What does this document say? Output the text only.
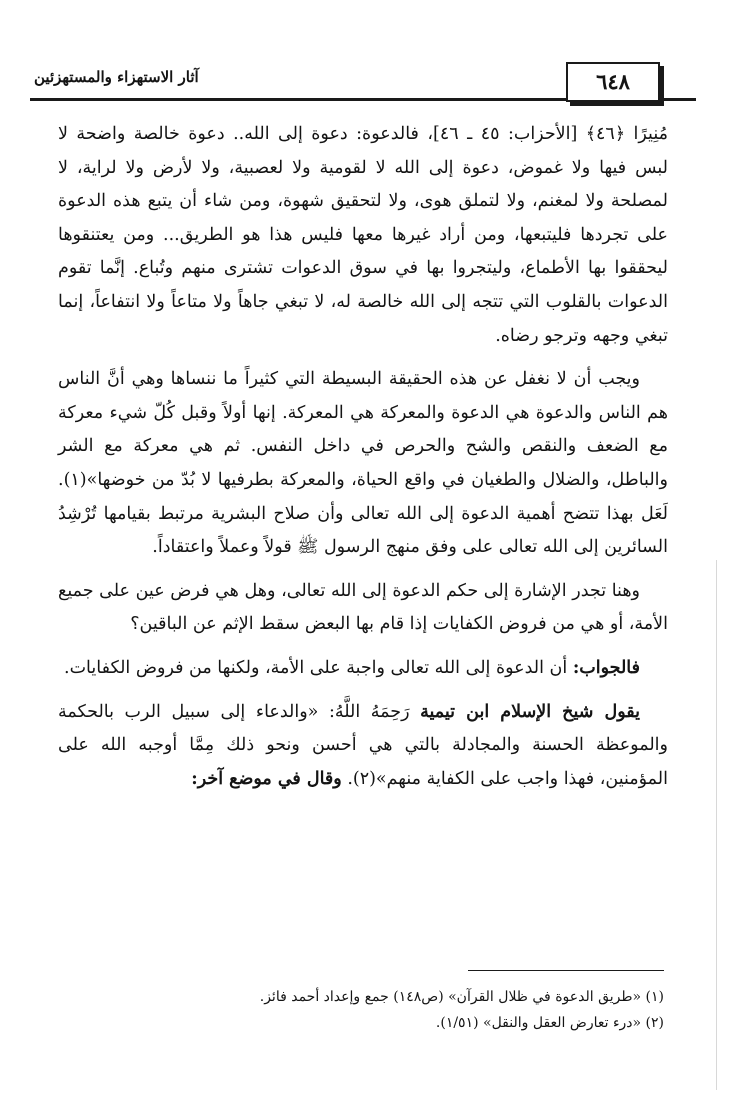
آثار الاستهزاء والمستهزئين	٦٤٨

مُنِيرًا ﴿٤٦﴾ [الأحزاب: ٤٥ ـ ٤٦]، فالدعوة: دعوة إلى الله.. دعوة خالصة واضحة لا لبس فيها ولا غموض، دعوة إلى الله لا لقومية ولا لعصبية، ولا لأرض ولا لراية، لا لمصلحة ولا لمغنم، ولا لتملق هوى، ولا لتحقيق شهوة، ومن شاء أن يتبع هذه الدعوة على تجردها فليتبعها، ومن أراد غيرها معها فليس هذا هو الطريق... ومن يعتنقوها ليحققوا بها الأطماع، وليتجروا بها في سوق الدعوات تشترى منهم وتُباع. إنَّما تقوم الدعوات بالقلوب التي تتجه إلى الله خالصة له، لا تبغي جاهاً ولا متاعاً ولا انتفاعاً، إنما تبغي وجهه وترجو رضاه.

ويجب أن لا نغفل عن هذه الحقيقة البسيطة التي كثيراً ما ننساها وهي أنَّ الناس هم الناس والدعوة هي الدعوة والمعركة هي المعركة. إنها أولاً وقبل كُلّ شيء معركة مع الضعف والنقص والشح والحرص في داخل النفس. ثم هي معركة مع الشر والباطل، والضلال والطغيان في واقع الحياة، والمعركة بطرفيها لا بُدّ من خوضها»(١). لَعَل بهذا تتضح أهمية الدعوة إلى الله تعالى وأن صلاح البشرية مرتبط بقيامها تُرْشِدُ السائرين إلى الله تعالى على وفق منهج الرسول ﷺ قولاً وعملاً واعتقاداً.

وهنا تجدر الإشارة إلى حكم الدعوة إلى الله تعالى، وهل هي فرض عين على جميع الأمة، أو هي من فروض الكفايات إذا قام بها البعض سقط الإثم عن الباقين؟

فالجواب: أن الدعوة إلى الله تعالى واجبة على الأمة، ولكنها من فروض الكفايات.

يقول شيخ الإسلام ابن تيمية رَحِمَهُ اللَّهُ: «والدعاء إلى سبيل الرب بالحكمة والموعظة الحسنة والمجادلة بالتي هي أحسن ونحو ذلك مِمَّا أوجبه الله على المؤمنين، فهذا واجب على الكفاية منهم»(٢). وقال في موضع آخر:

(١) «طريق الدعوة في ظلال القرآن» (ص١٤٨) جمع وإعداد أحمد فائز.

(٢) «درء تعارض العقل والنقل» (١/٥١).
